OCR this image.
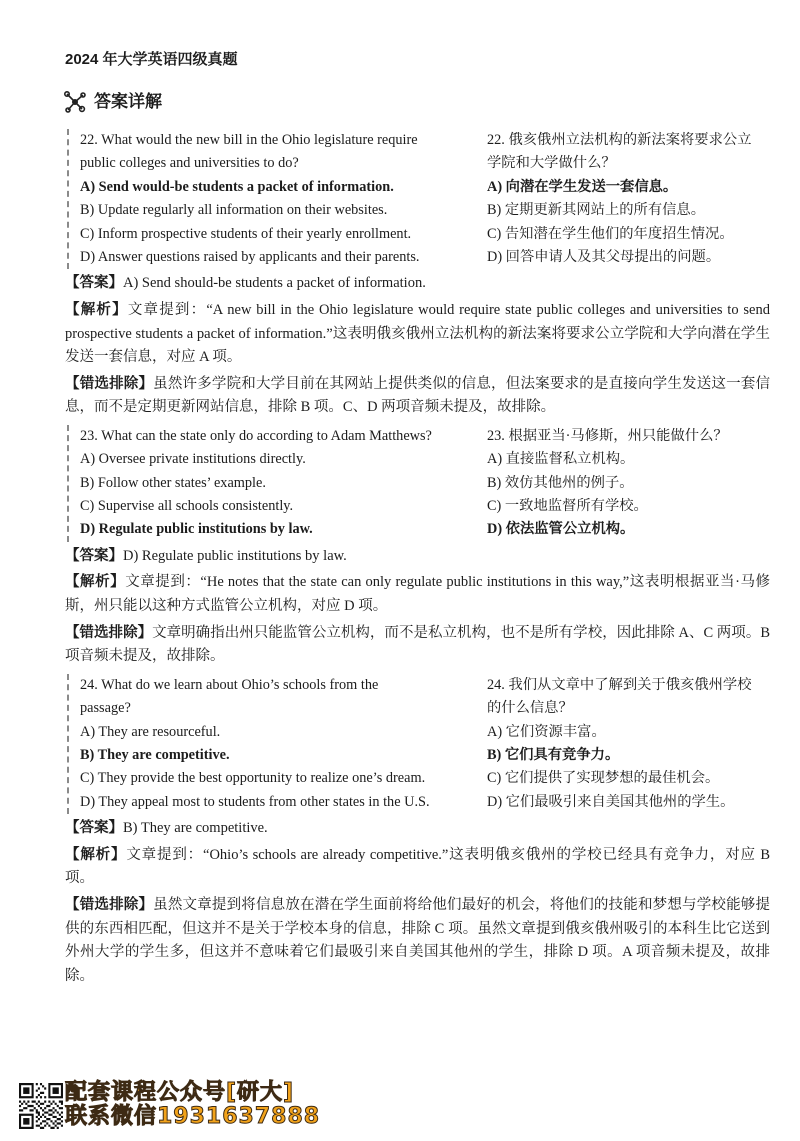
2024 年大学英语四级真题
答案详解
22. What would the new bill in the Ohio legislature require	22. 俄亥俄州立法机构的新法案将要求公立
public colleges and universities to do?	学院和大学做什么？
A) Send would-be students a packet of information.	A) 向潜在学生发送一套信息。
B) Update regularly all information on their websites.	B) 定期更新其网站上的所有信息。
C) Inform prospective students of their yearly enrollment.	C) 告知潜在学生他们的年度招生情况。
D) Answer questions raised by applicants and their parents.	D) 回答申请人及其父母提出的问题。

【答案】A) Send should-be students a packet of information.

【解析】文章提到：“A new bill in the Ohio legislature would require state public colleges and universities to send prospective students a packet of information.”这表明俄亥俄州立法机构的新法案将要求公立学院和大学向潜在学生发送一套信息，对应 A 项。

【错选排除】虽然许多学院和大学目前在其网站上提供类似的信息，但法案要求的是直接向学生发送这一套信息，而不是定期更新网站信息，排除 B 项。C、D 两项音频未提及，故排除。

23. What can the state only do according to Adam Matthews?	23. 根据亚当·马修斯，州只能做什么？
A) Oversee private institutions directly.	A) 直接监督私立机构。
B) Follow other states’ example.	B) 效仿其他州的例子。
C) Supervise all schools consistently.	C) 一致地监督所有学校。
D) Regulate public institutions by law.	D) 依法监管公立机构。

【答案】D) Regulate public institutions by law.

【解析】文章提到：“He notes that the state can only regulate public institutions in this way,”这表明根据亚当·马修斯，州只能以这种方式监管公立机构，对应 D 项。

【错选排除】文章明确指出州只能监管公立机构，而不是私立机构，也不是所有学校，因此排除 A、C 两项。B 项音频未提及，故排除。

24. What do we learn about Ohio’s schools from the	24. 我们从文章中了解到关于俄亥俄州学校
passage?	的什么信息？
A) They are resourceful.	A) 它们资源丰富。
B) They are competitive.	B) 它们具有竞争力。
C) They provide the best opportunity to realize one’s dream.	C) 它们提供了实现梦想的最佳机会。
D) They appeal most to students from other states in the U.S.	D) 它们最吸引来自美国其他州的学生。

【答案】B) They are competitive.

【解析】文章提到：“Ohio’s schools are already competitive.”这表明俄亥俄州的学校已经具有竞争力，对应 B 项。

【错选排除】虽然文章提到将信息放在潜在学生面前将给他们最好的机会，将他们的技能和梦想与学校能够提供的东西相匹配，但这并不是关于学校本身的信息，排除 C 项。虽然文章提到俄亥俄州吸引的本科生比它送到外州大学的学生多，但这并不意味着它们最吸引来自美国其他州的学生，排除 D 项。A 项音频未提及，故排除。

配套课程公众号[研大]
联系微信1931637888
